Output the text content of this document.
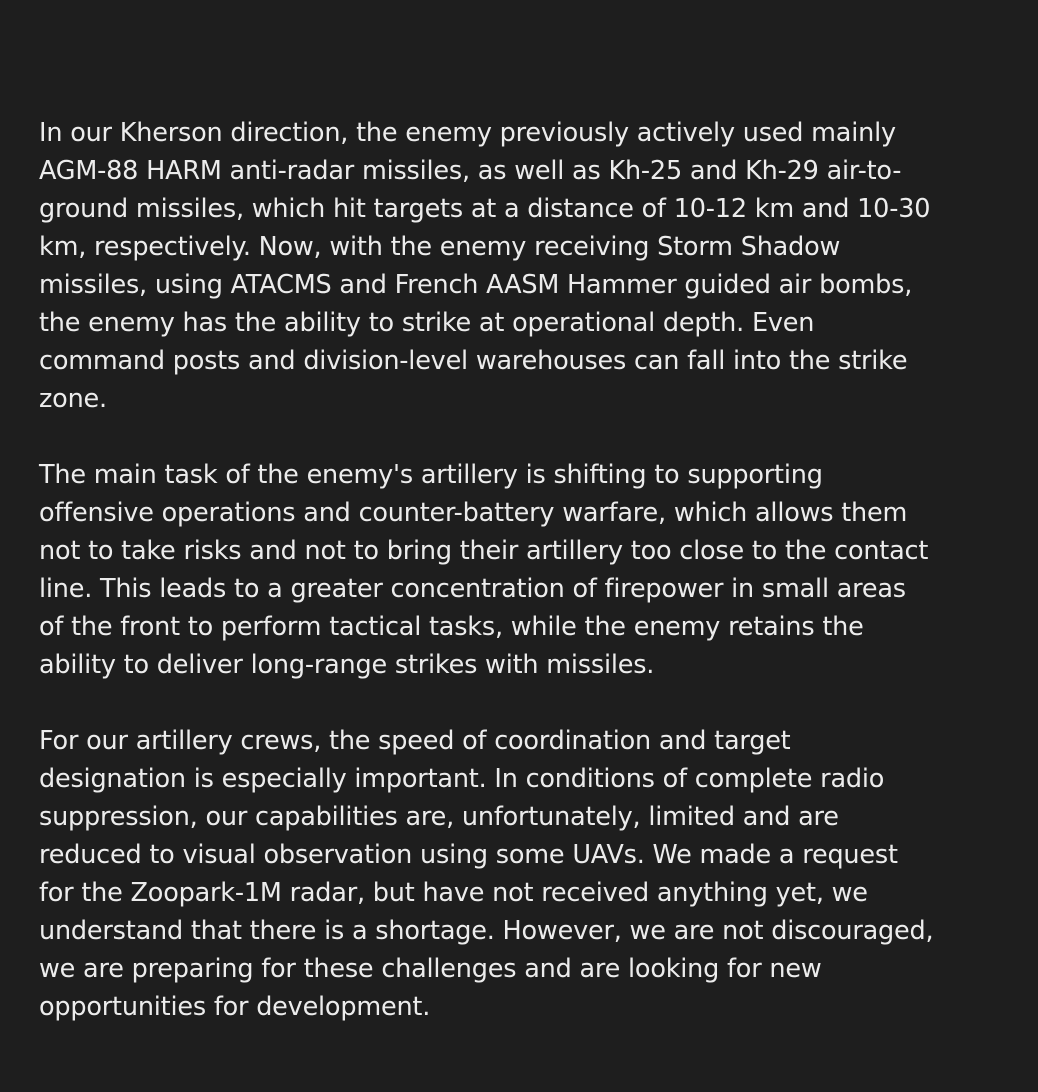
In our Kherson direction, the enemy previously actively used mainly
AGM-88 HARM anti-radar missiles, as well as Kh-25 and Kh-29 air-to-
ground missiles, which hit targets at a distance of 10-12 km and 10-30
km, respectively. Now, with the enemy receiving Storm Shadow
missiles, using ATACMS and French AASM Hammer guided air bombs,
the enemy has the ability to strike at operational depth. Even
command posts and division-level warehouses can fall into the strike
zone.

The main task of the enemy's artillery is shifting to supporting
offensive operations and counter-battery warfare, which allows them
not to take risks and not to bring their artillery too close to the contact
line. This leads to a greater concentration of firepower in small areas
of the front to perform tactical tasks, while the enemy retains the
ability to deliver long-range strikes with missiles.

For our artillery crews, the speed of coordination and target
designation is especially important. In conditions of complete radio
suppression, our capabilities are, unfortunately, limited and are
reduced to visual observation using some UAVs. We made a request
for the Zoopark-1M radar, but have not received anything yet, we
understand that there is a shortage. However, we are not discouraged,
we are preparing for these challenges and are looking for new
opportunities for development.
